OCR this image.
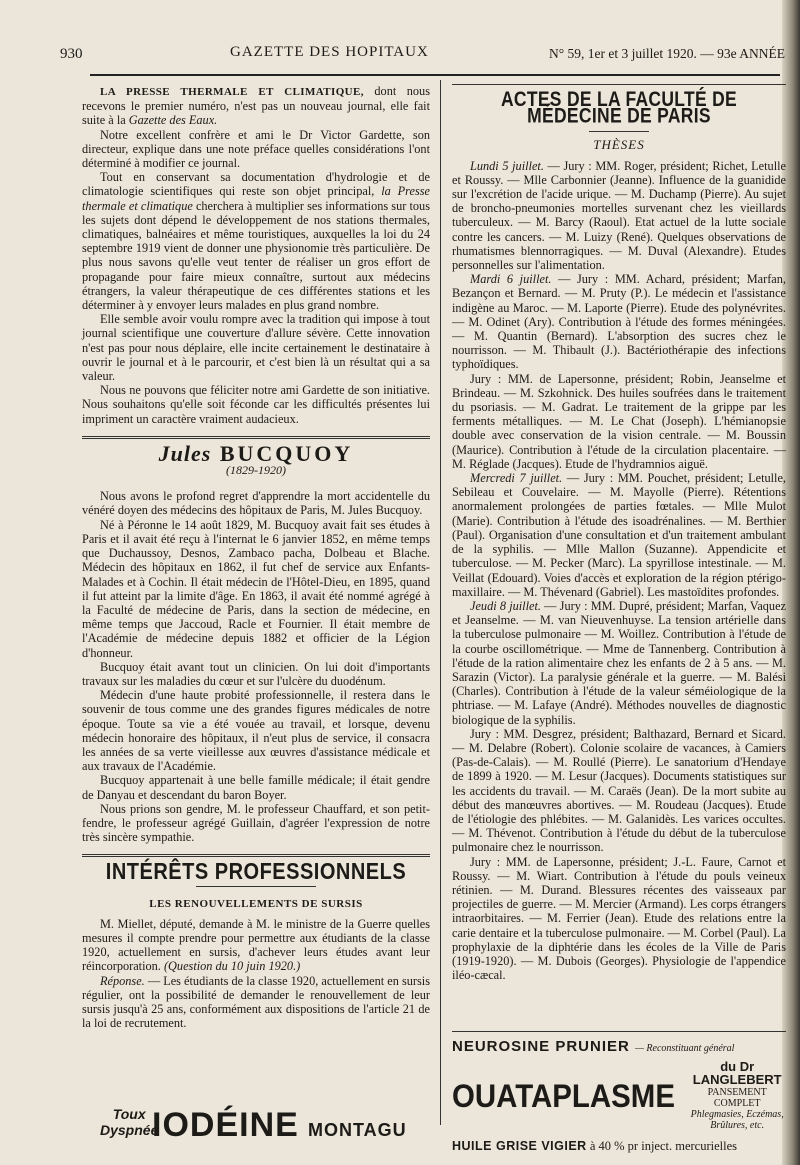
930	GAZETTE DES HOPITAUX	N° 59, 1er et 3 juillet 1920. — 93e ANNÉE

LA PRESSE THERMALE ET CLIMATIQUE, dont nous recevons le premier numéro, n'est pas un nouveau journal, elle fait suite à la Gazette des Eaux.

Notre excellent confrère et ami le Dr Victor Gardette, son directeur, explique dans une note préface quelles considérations l'ont déterminé à modifier ce journal.

Tout en conservant sa documentation d'hydrologie et de climatologie scientifiques qui reste son objet principal, la Presse thermale et climatique cherchera à multiplier ses informations sur tous les sujets dont dépend le développement de nos stations thermales, climatiques, balnéaires et même touristiques, auxquelles la loi du 24 septembre 1919 vient de donner une physionomie très particulière. De plus nous savons qu'elle veut tenter de réaliser un gros effort de propagande pour faire mieux connaître, surtout aux médecins étrangers, la valeur thérapeutique de ces différentes stations et les déterminer à y envoyer leurs malades en plus grand nombre.

Elle semble avoir voulu rompre avec la tradition qui impose à tout journal scientifique une couverture d'allure sévère. Cette innovation n'est pas pour nous déplaire, elle incite certainement le destinataire à ouvrir le journal et à le parcourir, et c'est bien là un résultat qui a sa valeur.

Nous ne pouvons que féliciter notre ami Gardette de son initiative. Nous souhaitons qu'elle soit féconde car les difficultés présentes lui impriment un caractère vraiment audacieux.

Jules BUCQUOY
(1829-1920)

Nous avons le profond regret d'apprendre la mort accidentelle du vénéré doyen des médecins des hôpitaux de Paris, M. Jules Bucquoy.

Né à Péronne le 14 août 1829, M. Bucquoy avait fait ses études à Paris et il avait été reçu à l'internat le 6 janvier 1852, en même temps que Duchaussoy, Desnos, Zambaco pacha, Dolbeau et Blache. Médecin des hôpitaux en 1862, il fut chef de service aux Enfants-Malades et à Cochin. Il était médecin de l'Hôtel-Dieu, en 1895, quand il fut atteint par la limite d'âge. En 1863, il avait été nommé agrégé à la Faculté de médecine de Paris, dans la section de médecine, en même temps que Jaccoud, Racle et Fournier. Il était membre de l'Académie de médecine depuis 1882 et officier de la Légion d'honneur.

Bucquoy était avant tout un clinicien. On lui doit d'importants travaux sur les maladies du cœur et sur l'ulcère du duodénum.

Médecin d'une haute probité professionnelle, il restera dans le souvenir de tous comme une des grandes figures médicales de notre époque. Toute sa vie a été vouée au travail, et lorsque, devenu médecin honoraire des hôpitaux, il n'eut plus de service, il consacra les années de sa verte vieillesse aux œuvres d'assistance médicale et aux travaux de l'Académie.

Bucquoy appartenait à une belle famille médicale; il était gendre de Danyau et descendant du baron Boyer.

Nous prions son gendre, M. le professeur Chauffard, et son petit-fendre, le professeur agrégé Guillain, d'agréer l'expression de notre très sincère sympathie.

INTÉRÊTS PROFESSIONNELS
LES RENOUVELLEMENTS DE SURSIS

M. Miellet, député, demande à M. le ministre de la Guerre quelles mesures il compte prendre pour permettre aux étudiants de la classe 1920, actuellement en sursis, d'achever leurs études avant leur réincorporation. (Question du 10 juin 1920.)

Réponse. — Les étudiants de la classe 1920, actuellement en sursis régulier, ont la possibilité de demander le renouvellement de leur sursis jusqu'à 25 ans, conformément aux dispositions de l'article 21 de la loi de recrutement.

Toux
Dyspnée
IODÉINE MONTAGU
ACTES DE LA FACULTÉ DE MÉDECINE DE PARIS
THÈSES

Lundi 5 juillet. — Jury : MM. Roger, président; Richet, Letulle et Roussy. — Mlle Carbonnier (Jeanne). Influence de la guanidide sur l'excrétion de l'acide urique. — M. Duchamp (Pierre). Au sujet de broncho-pneumonies mortelles survenant chez les vieillards tuberculeux. — M. Barcy (Raoul). Etat actuel de la lutte sociale contre les cancers. — M. Luizy (René). Quelques observations de rhumatismes blennorragiques. — M. Duval (Alexandre). Etudes personnelles sur l'alimentation.

Mardi 6 juillet. — Jury : MM. Achard, président; Marfan, Bezançon et Bernard. — M. Pruty (P.). Le médecin et l'assistance indigène au Maroc. — M. Laporte (Pierre). Etude des polynévrites. — M. Odinet (Ary). Contribution à l'étude des formes méningées. — M. Quantin (Bernard). L'absorption des sucres chez le nourrisson. — M. Thibault (J.). Bactériothérapie des infections typhoïdiques.

Jury : MM. de Lapersonne, président; Robin, Jeanselme et Brindeau. — M. Szkohnick. Des huiles soufrées dans le traitement du psoriasis. — M. Gadrat. Le traitement de la grippe par les ferments métalliques. — M. Le Chat (Joseph). L'hémianopsie double avec conservation de la vision centrale. — M. Boussin (Maurice). Contribution à l'étude de la circulation placentaire. — M. Réglade (Jacques). Etude de l'hydramnios aiguë.

Mercredi 7 juillet. — Jury : MM. Pouchet, président; Letulle, Sebileau et Couvelaire. — M. Mayolle (Pierre). Rétentions anormalement prolongées de parties fœtales. — Mlle Mulot (Marie). Contribution à l'étude des isoadrénalines. — M. Berthier (Paul). Organisation d'une consultation et d'un traitement ambulant de la syphilis. — Mlle Mallon (Suzanne). Appendicite et tuberculose. — M. Pecker (Marc). La spyrillose intestinale. — M. Veillat (Edouard). Voies d'accès et exploration de la région ptérigo-maxillaire. — M. Thévenard (Gabriel). Les mastoïdites profondes.

Jeudi 8 juillet. — Jury : MM. Dupré, président; Marfan, Vaquez et Jeanselme. — M. van Nieuvenhuyse. La tension artérielle dans la tuberculose pulmonaire — M. Woillez. Contribution à l'étude de la courbe oscillométrique. — Mme de Tannenberg. Contribution à l'étude de la ration alimentaire chez les enfants de 2 à 5 ans. — M. Sarazin (Victor). La paralysie générale et la guerre. — M. Balési (Charles). Contribution à l'étude de la valeur séméiologique de la phtriase. — M. Lafaye (André). Méthodes nouvelles de diagnostic biologique de la syphilis.

Jury : MM. Desgrez, président; Balthazard, Bernard et Sicard. — M. Delabre (Robert). Colonie scolaire de vacances, à Camiers (Pas-de-Calais). — M. Roullé (Pierre). Le sanatorium d'Hendaye de 1899 à 1920. — M. Lesur (Jacques). Documents statistiques sur les accidents du travail. — M. Caraës (Jean). De la mort subite au début des manœuvres abortives. — M. Roudeau (Jacques). Etude de l'étiologie des phlébites. — M. Galanidès. Les varices occultes. — M. Thévenot. Contribution à l'étude du début de la tuberculose pulmonaire chez le nourrisson.

Jury : MM. de Lapersonne, président; J.-L. Faure, Carnot et Roussy. — M. Wiart. Contribution à l'étude du pouls veineux rétinien. — M. Durand. Blessures récentes des vaisseaux par projectiles de guerre. — M. Mercier (Armand). Les corps étrangers intraorbitaires. — M. Ferrier (Jean). Etude des relations entre la carie dentaire et la tuberculose pulmonaire. — M. Corbel (Paul). La prophylaxie de la diphtérie dans les écoles de la Ville de Paris (1919-1920). — M. Dubois (Georges). Physiologie de l'appendice iléo-cæcal.

NEUROSINE PRUNIER — Reconstituant général
OUATAPLASME
du Dr LANGLEBERT
PANSEMENT COMPLET
Phlegmasies, Eczémas, Brûlures, etc.
HUILE GRISE VIGIER à 40 % pr inject. mercurielles
